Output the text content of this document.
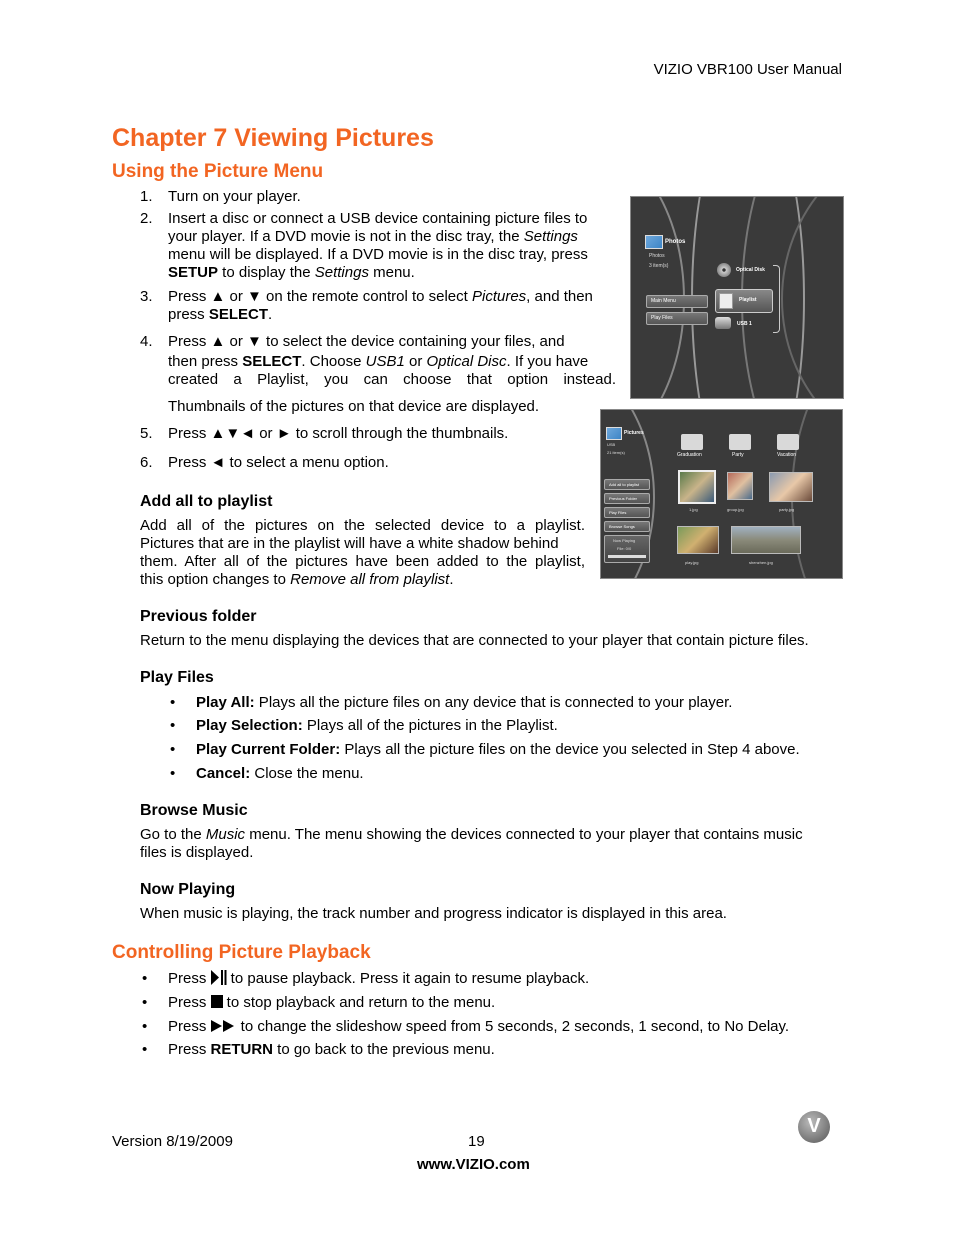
VIZIO VBR100 User Manual
Chapter 7 Viewing Pictures
Using the Picture Menu
1.	Turn on your player.
2.	Insert a disc or connect a USB device containing picture files to
your player. If a DVD movie is not in the disc tray, the Settings
menu will be displayed. If a DVD movie is in the disc tray, press
SETUP to display the Settings menu.
3.	Press ▲ or ▼ on the remote control to select Pictures, and then
press SELECT.
4.	Press ▲ or ▼ to select the device containing your files, and
then press SELECT. Choose USB1 or Optical Disc. If you have
created a Playlist, you can choose that option instead.
Thumbnails of the pictures on that device are displayed.
5.	Press ▲▼◄ or ► to scroll through the thumbnails.
6.	Press ◄ to select a menu option.
Add all to playlist
Add all of the pictures on the selected device to a playlist.
Pictures that are in the playlist will have a white shadow behind
them. After all of the pictures have been added to the playlist,
this option changes to Remove all from playlist.
Previous folder
Return to the menu displaying the devices that are connected to your player that contain picture files.
Play Files
• Play All: Plays all the picture files on any device that is connected to your player.
• Play Selection: Plays all of the pictures in the Playlist.
• Play Current Folder: Plays all the picture files on the device you selected in Step 4 above.
• Cancel: Close the menu.
Browse Music
Go to the Music menu. The menu showing the devices connected to your player that contains music
files is displayed.
Now Playing
When music is playing, the track number and progress indicator is displayed in this area.
Controlling Picture Playback
• Press  to pause playback. Press it again to resume playback.
• Press  to stop playback and return to the menu.
• Press  to change the slideshow speed from 5 seconds, 2 seconds, 1 second, to No Delay.
• Press RETURN to go back to the previous menu.
Photos
Photos
3 item(s)
Main Menu
Play Files
Optical Disk
Playlist
USB 1
Pictures
USB
21 item(s)
Add all to playlist
Previous Folder
Play Files
Browse Songs
Now Playing
File: 0/0
Graduation	Party	Vacation
1.jpg	group.jpg	party.jpg
play.jpg	shenzhen.jpg
Version 8/19/2009	19
www.VIZIO.com
V
